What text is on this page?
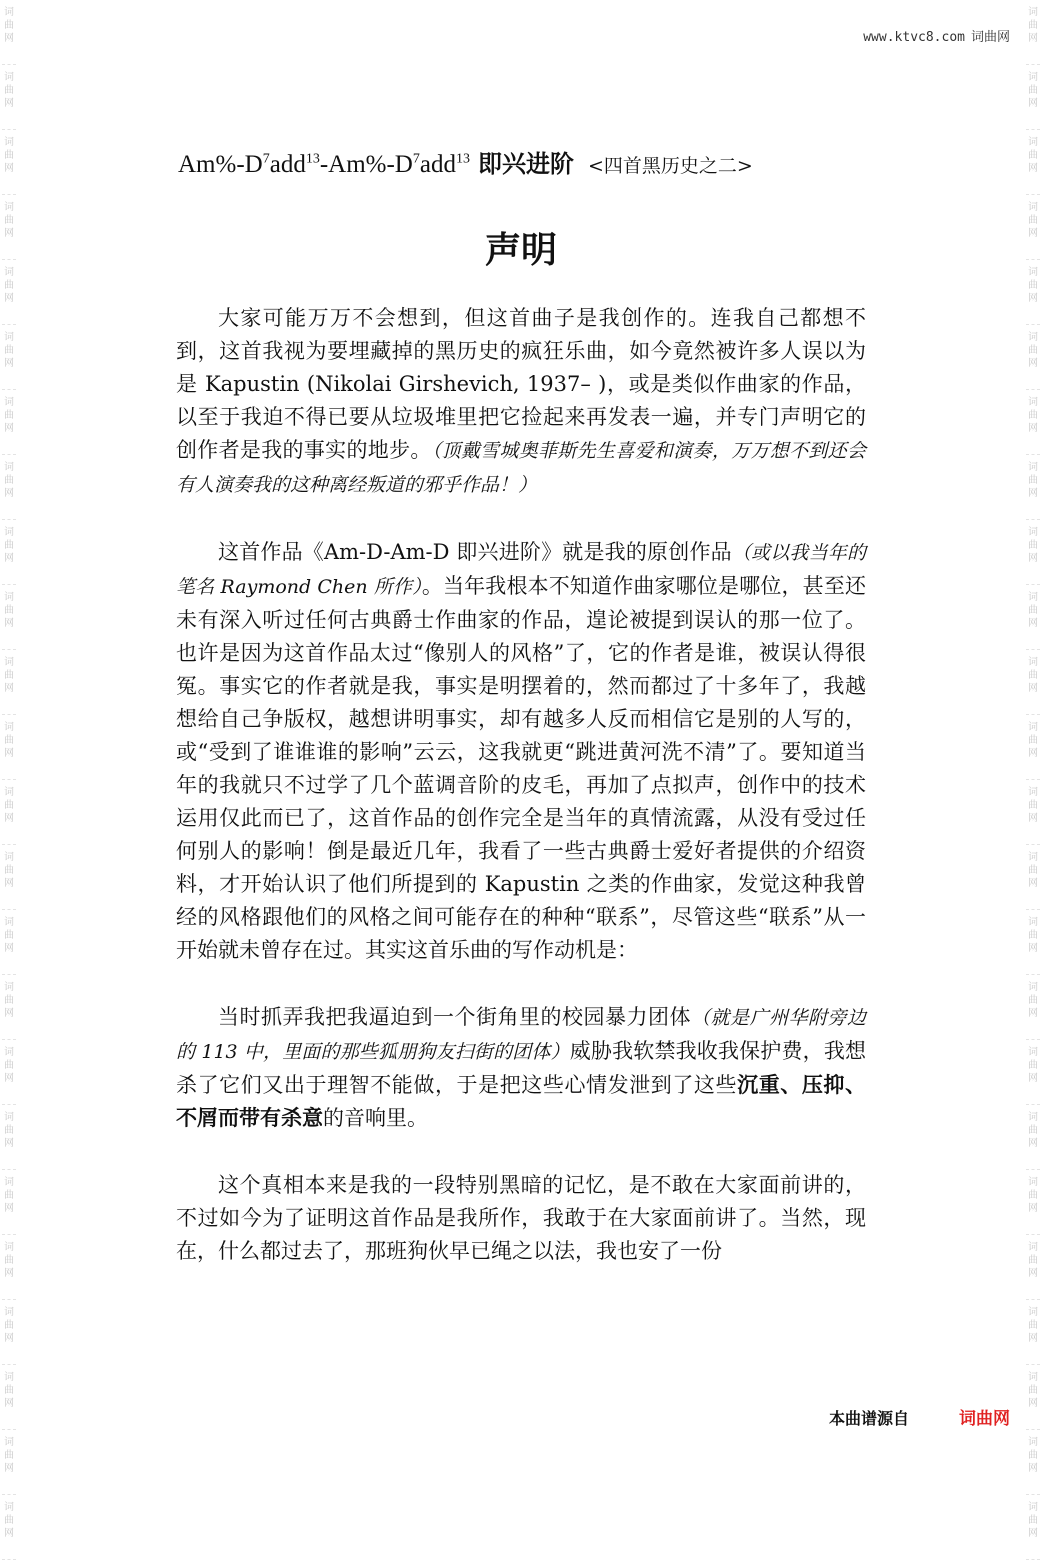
词
曲
网
词
曲
网
词
曲
网
词
曲
网
词
曲
网
词
曲
网
词
曲
网
词
曲
网
词
曲
网
词
曲
网
词
曲
网
词
曲
网
词
曲
网
词
曲
网
词
曲
网
词
曲
网
词
曲
网
词
曲
网
词
曲
网
词
曲
网
词
曲
网
词
曲
网
词
曲
网
词
曲
网
词
曲
网
词
曲
网
词
曲
网
词
曲
网
词
曲
网
词
曲
网
词
曲
网
词
曲
网
词
曲
网
词
曲
网
词
曲
网
词
曲
网
词
曲
网
词
曲
网
词
曲
网
词
曲
网
词
曲
网
词
曲
网
词
曲
网
词
曲
网
词
曲
网
词
曲
网
词
曲
网
词
曲
网
www.ktvc8.com 词曲网
$Am\%-D^7add^{13}-Am\%-D^7add^{13}$ 即兴进阶 <四首黑历史之二>
声明

大家可能万万不会想到，但这首曲子是我创作的。连我自己都想不到，这首我视为要埋藏掉的黑历史的疯狂乐曲，如今竟然被许多人误以为是 Kapustin (Nikolai Girshevich, 1937– )，或是类似作曲家的作品，以至于我迫不得已要从垃圾堆里把它捡起来再发表一遍，并专门声明它的创作者是我的事实的地步。（顶戴雪城奥菲斯先生喜爱和演奏，万万想不到还会有人演奏我的这种离经叛道的邪乎作品！）

这首作品《Am-D-Am-D 即兴进阶》就是我的原创作品（或以我当年的笔名 Raymond Chen 所作）。当年我根本不知道作曲家哪位是哪位，甚至还未有深入听过任何古典爵士作曲家的作品，遑论被提到误认的那一位了。也许是因为这首作品太过“像别人的风格”了，它的作者是谁，被误认得很冤。事实它的作者就是我，事实是明摆着的，然而都过了十多年了，我越想给自己争版权，越想讲明事实，却有越多人反而相信它是别的人写的，或“受到了谁谁谁的影响”云云，这我就更“跳进黄河洗不清”了。要知道当年的我就只不过学了几个蓝调音阶的皮毛，再加了点拟声，创作中的技术运用仅此而已了，这首作品的创作完全是当年的真情流露，从没有受过任何别人的影响！倒是最近几年，我看了一些古典爵士爱好者提供的介绍资料，才开始认识了他们所提到的 Kapustin 之类的作曲家，发觉这种我曾经的风格跟他们的风格之间可能存在的种种“联系”，尽管这些“联系”从一开始就未曾存在过。其实这首乐曲的写作动机是：

当时抓弄我把我逼迫到一个街角里的校园暴力团体（就是广州华附旁边的 113 中，里面的那些狐朋狗友扫街的团体）威胁我软禁我收我保护费，我想杀了它们又出于理智不能做，于是把这些心情发泄到了这些沉重、压抑、不屑而带有杀意的音响里。

这个真相本来是我的一段特别黑暗的记忆，是不敢在大家面前讲的，不过如今为了证明这首作品是我所作，我敢于在大家面前讲了。当然，现在，什么都过去了，那班狗伙早已绳之以法，我也安了一份

本曲谱源自	词曲网
